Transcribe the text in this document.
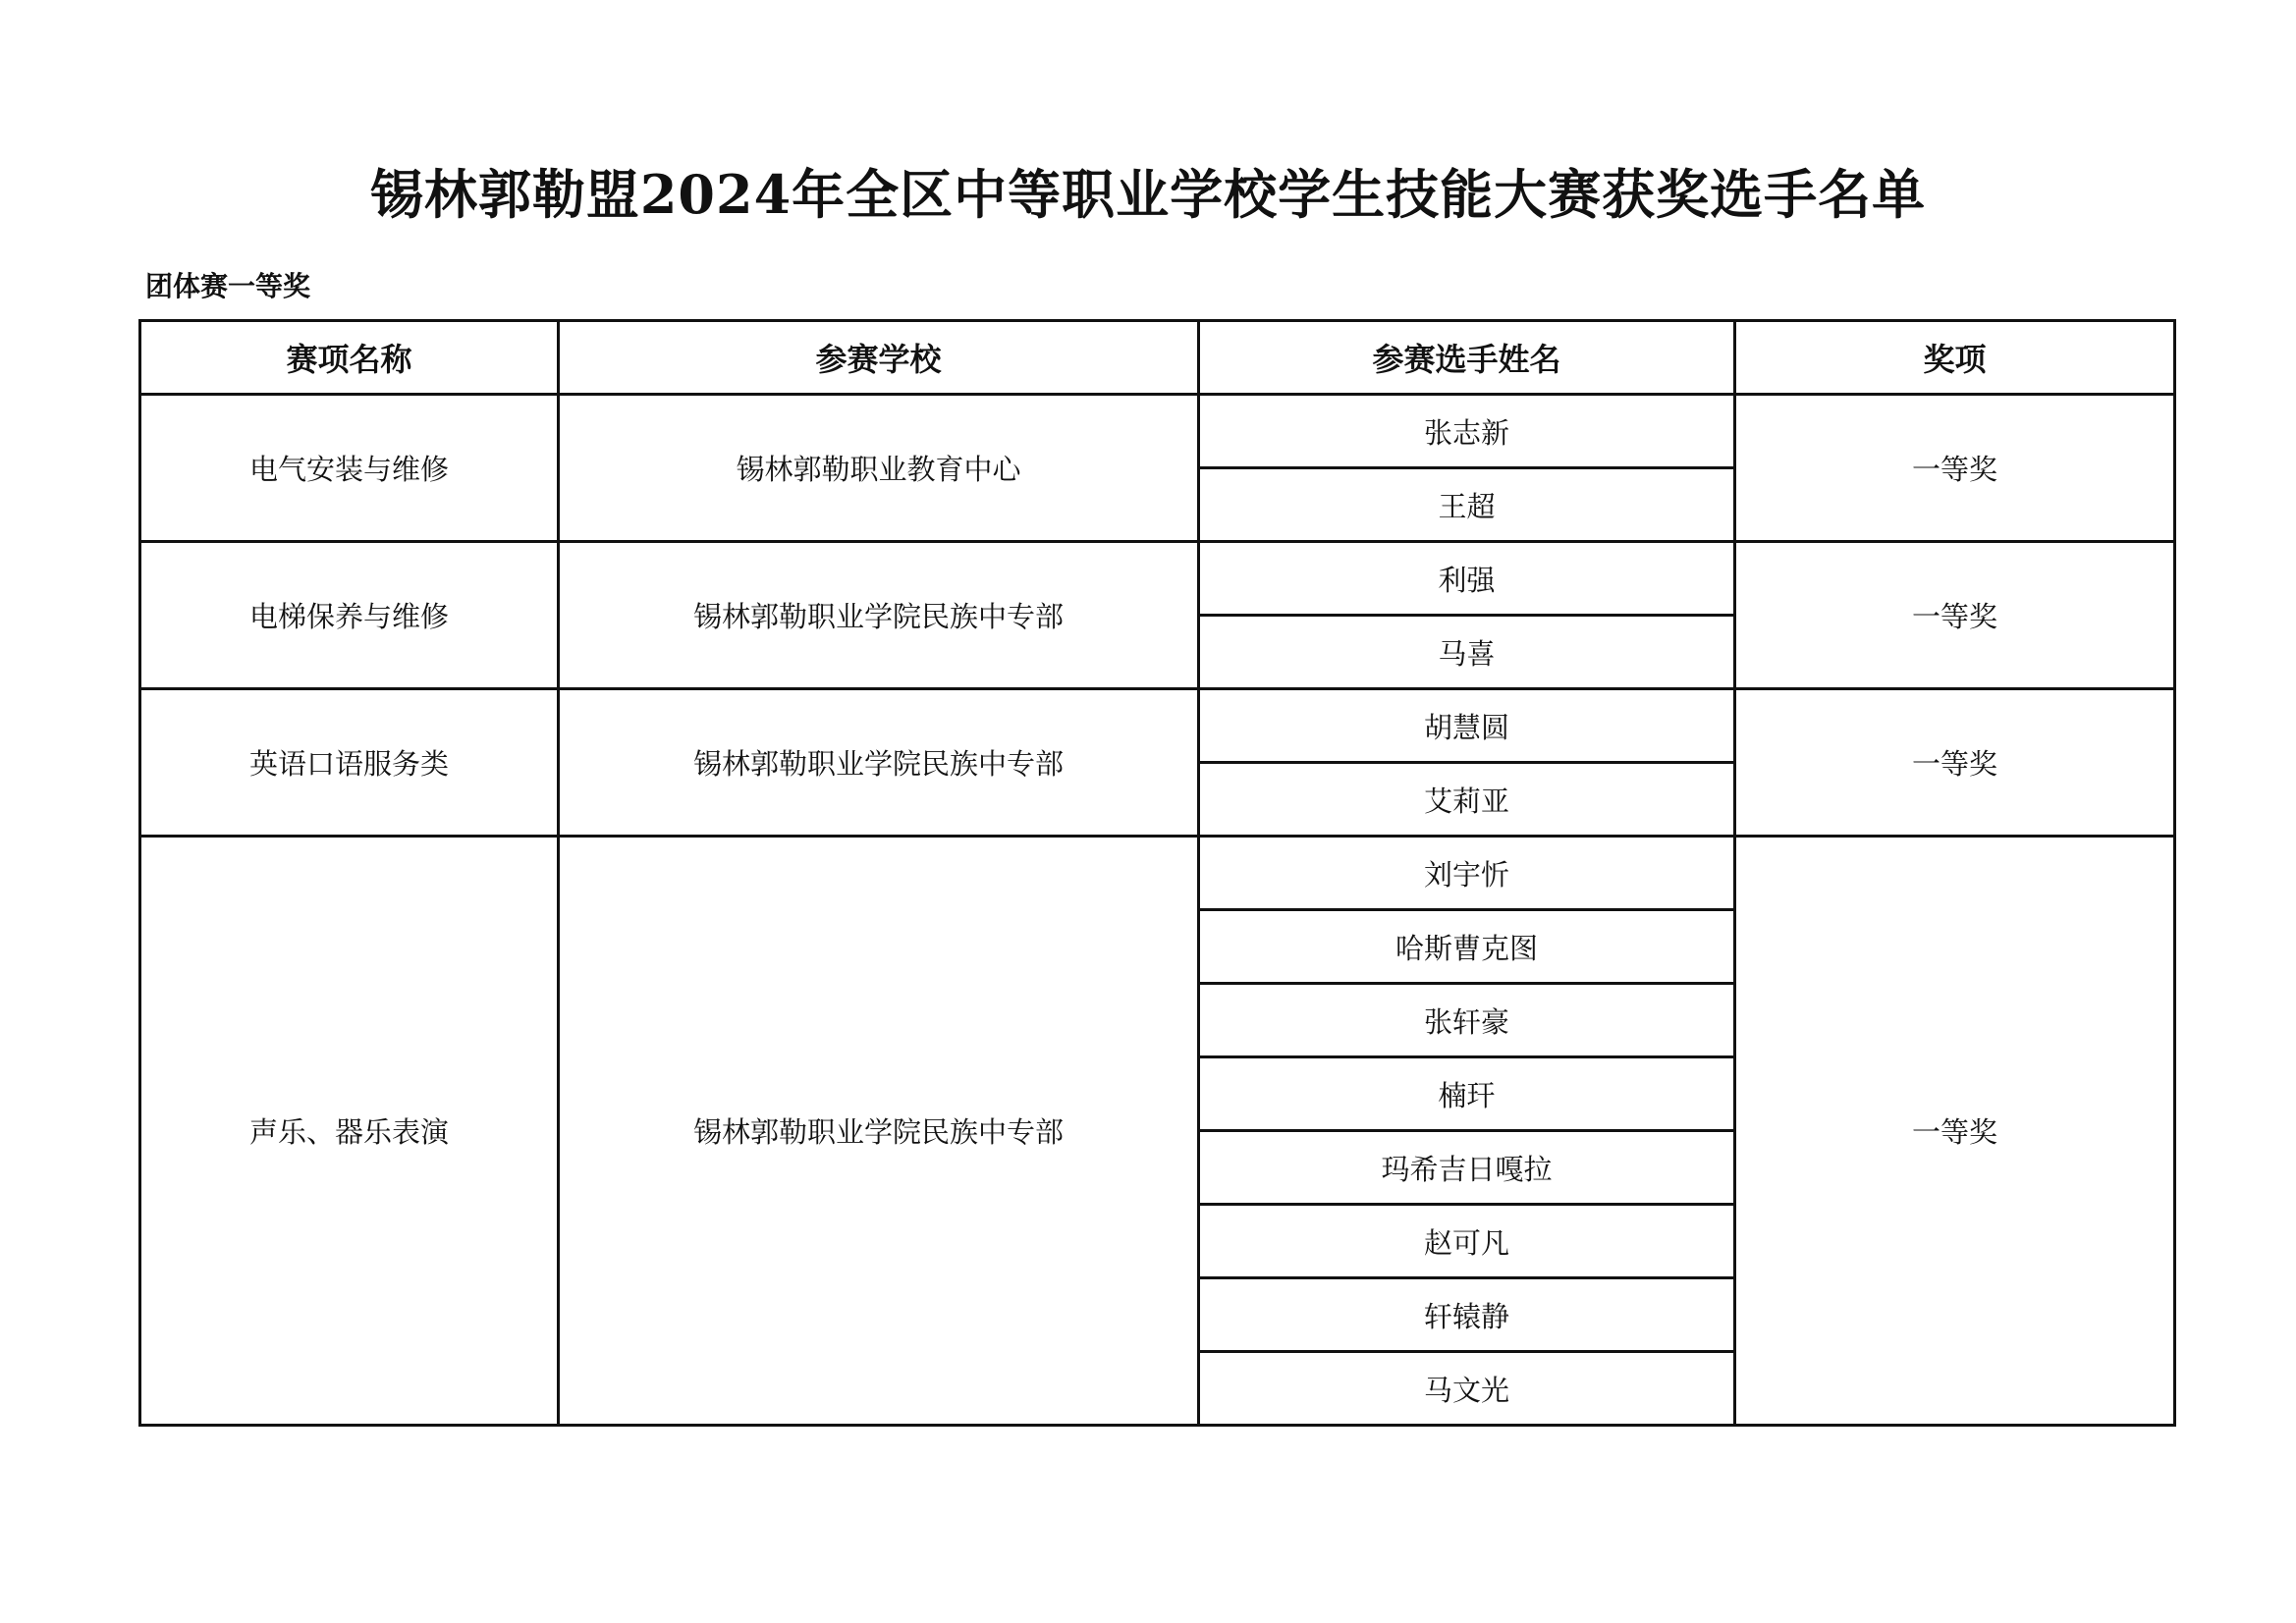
锡林郭勒盟2024年全区中等职业学校学生技能大赛获奖选手名单
团体赛一等奖
赛项名称	参赛学校	参赛选手姓名	奖项
电气安装与维修	锡林郭勒职业教育中心	张志新	一等奖
		王超	
电梯保养与维修	锡林郭勒职业学院民族中专部	利强	一等奖
		马喜	
英语口语服务类	锡林郭勒职业学院民族中专部	胡慧圆	一等奖
		艾莉亚	
声乐、器乐表演	锡林郭勒职业学院民族中专部	刘宇忻	一等奖
		哈斯曹克图	
		张轩豪	
		楠玕	
		玛希吉日嘎拉	
		赵可凡	
		轩辕静	
		马文光	
